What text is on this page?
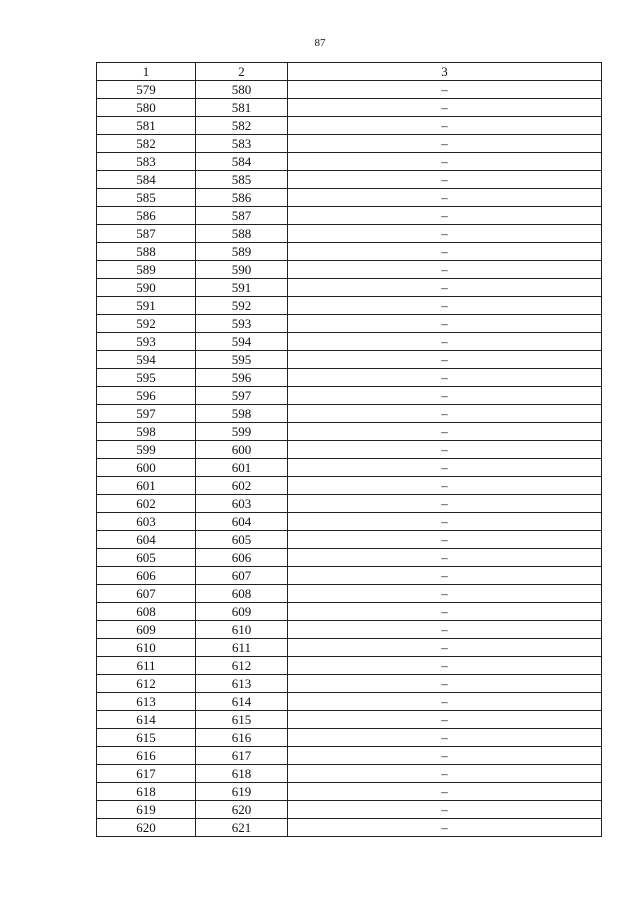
87
1	2	3
579	580	–
580	581	–
581	582	–
582	583	–
583	584	–
584	585	–
585	586	–
586	587	–
587	588	–
588	589	–
589	590	–
590	591	–
591	592	–
592	593	–
593	594	–
594	595	–
595	596	–
596	597	–
597	598	–
598	599	–
599	600	–
600	601	–
601	602	–
602	603	–
603	604	–
604	605	–
605	606	–
606	607	–
607	608	–
608	609	–
609	610	–
610	611	–
611	612	–
612	613	–
613	614	–
614	615	–
615	616	–
616	617	–
617	618	–
618	619	–
619	620	–
620	621	–
